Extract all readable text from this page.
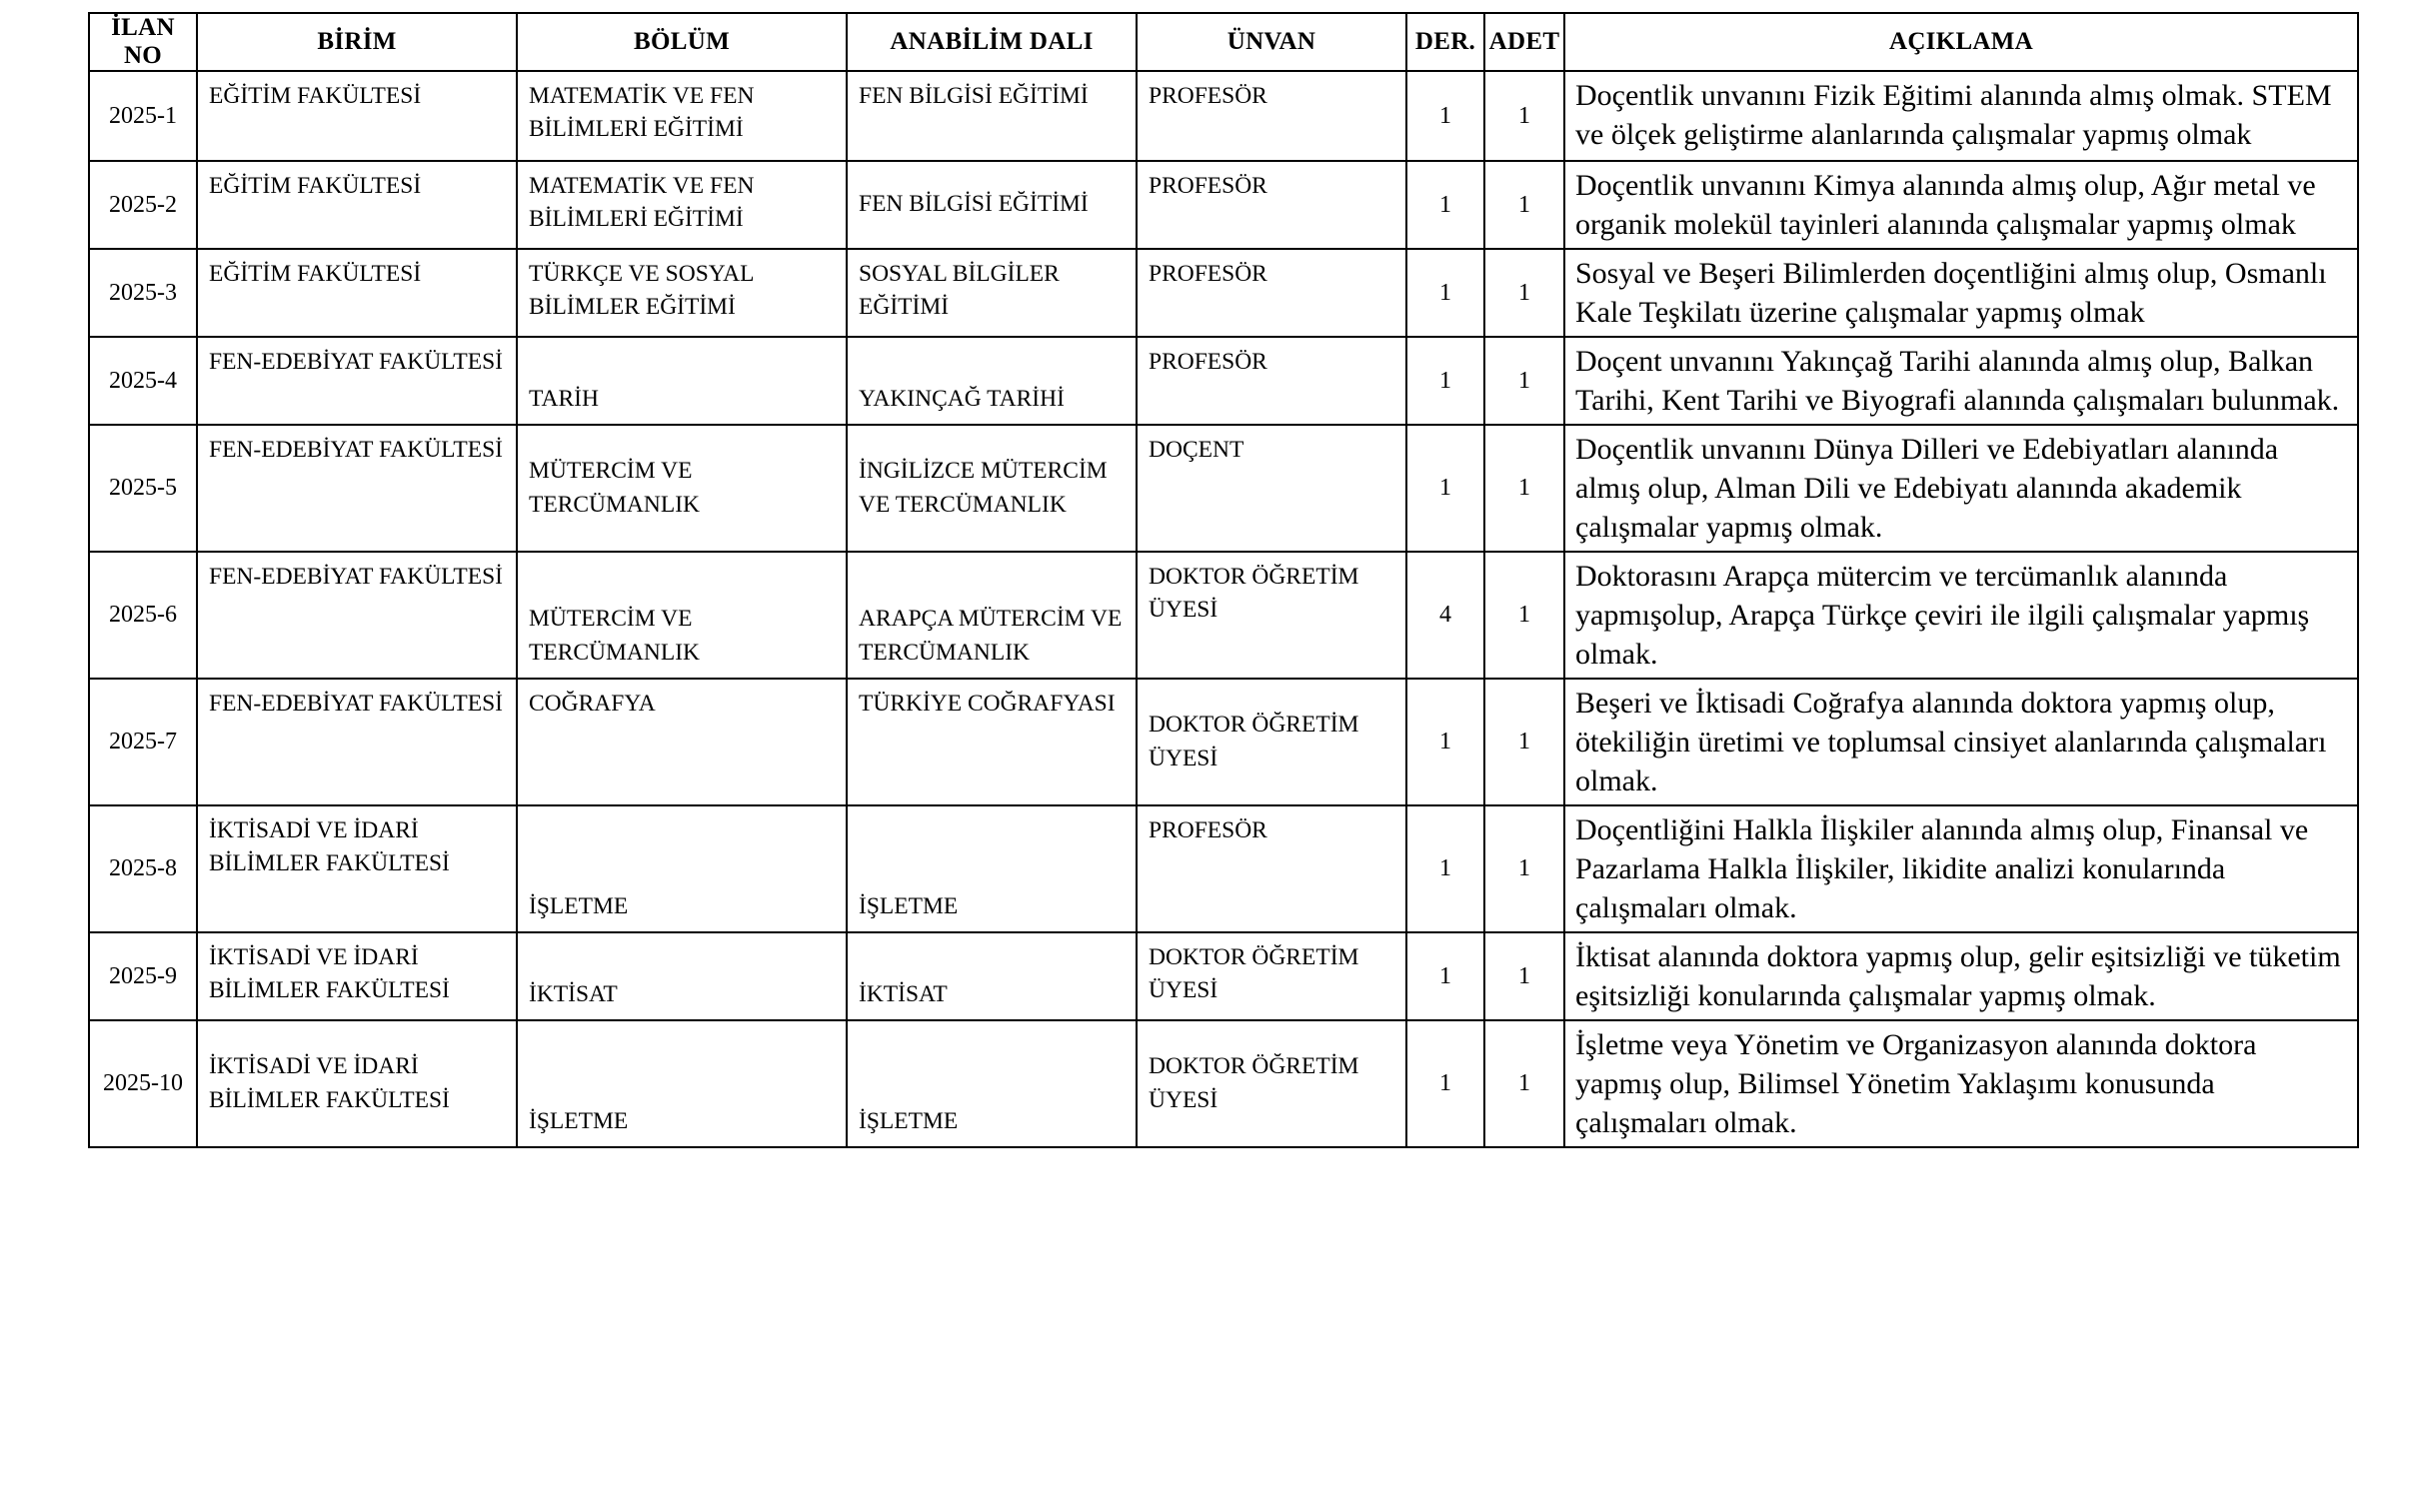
İLAN
NO	BİRİM	BÖLÜM	ANABİLİM DALI	ÜNVAN	DER.	ADET	AÇIKLAMA

2025-1	EĞİTİM FAKÜLTESİ	MATEMATİK VE FEN BİLİMLERİ EĞİTİMİ	FEN BİLGİSİ EĞİTİMİ	PROFESÖR	1	1	Doçentlik unvanını Fizik Eğitimi alanında almış olmak. STEM ve ölçek geliştirme alanlarında çalışmalar yapmış olmak

2025-2	EĞİTİM FAKÜLTESİ	MATEMATİK VE FEN BİLİMLERİ EĞİTİMİ	FEN BİLGİSİ EĞİTİMİ	PROFESÖR	1	1	Doçentlik unvanını Kimya alanında almış olup, Ağır metal ve organik molekül tayinleri alanında çalışmalar yapmış olmak

2025-3	EĞİTİM FAKÜLTESİ	TÜRKÇE VE SOSYAL BİLİMLER EĞİTİMİ	SOSYAL BİLGİLER EĞİTİMİ	PROFESÖR	1	1	Sosyal ve Beşeri Bilimlerden doçentliğini almış olup, Osmanlı Kale Teşkilatı üzerine çalışmalar yapmış olmak

2025-4	FEN-EDEBİYAT FAKÜLTESİ	TARİH	YAKINÇAĞ TARİHİ	PROFESÖR	1	1	Doçent unvanını Yakınçağ Tarihi alanında almış olup, Balkan Tarihi, Kent Tarihi ve Biyografi alanında çalışmaları bulunmak.

2025-5	FEN-EDEBİYAT FAKÜLTESİ	MÜTERCİM VE TERCÜMANLIK	İNGİLİZCE MÜTERCİM VE TERCÜMANLIK	DOÇENT	1	1	Doçentlik unvanını Dünya Dilleri ve Edebiyatları alanında almış olup, Alman Dili ve Edebiyatı alanında akademik çalışmalar yapmış olmak.

2025-6	FEN-EDEBİYAT FAKÜLTESİ	MÜTERCİM VE TERCÜMANLIK	ARAPÇA MÜTERCİM VE TERCÜMANLIK	DOKTOR ÖĞRETİM ÜYESİ	4	1	Doktorasını Arapça mütercim ve tercümanlık alanında yapmışolup, Arapça Türkçe çeviri ile ilgili çalışmalar yapmış olmak.

2025-7	FEN-EDEBİYAT FAKÜLTESİ	COĞRAFYA	TÜRKİYE COĞRAFYASI	DOKTOR ÖĞRETİM ÜYESİ	1	1	Beşeri ve İktisadi Coğrafya alanında doktora yapmış olup, ötekiliğin üretimi ve toplumsal cinsiyet alanlarında çalışmaları olmak.

2025-8	İKTİSADİ VE İDARİ BİLİMLER FAKÜLTESİ	İŞLETME	İŞLETME	PROFESÖR	1	1	Doçentliğini Halkla İlişkiler alanında almış olup, Finansal ve Pazarlama Halkla İlişkiler, likidite analizi konularında çalışmaları olmak.

2025-9	İKTİSADİ VE İDARİ BİLİMLER FAKÜLTESİ	İKTİSAT	İKTİSAT	DOKTOR ÖĞRETİM ÜYESİ	1	1	İktisat alanında doktora yapmış olup, gelir eşitsizliği ve tüketim eşitsizliği konularında çalışmalar yapmış olmak.

2025-10	İKTİSADİ VE İDARİ BİLİMLER FAKÜLTESİ	İŞLETME	İŞLETME	DOKTOR ÖĞRETİM ÜYESİ	1	1	İşletme veya Yönetim ve Organizasyon alanında doktora yapmış olup, Bilimsel Yönetim Yaklaşımı konusunda çalışmaları olmak.
